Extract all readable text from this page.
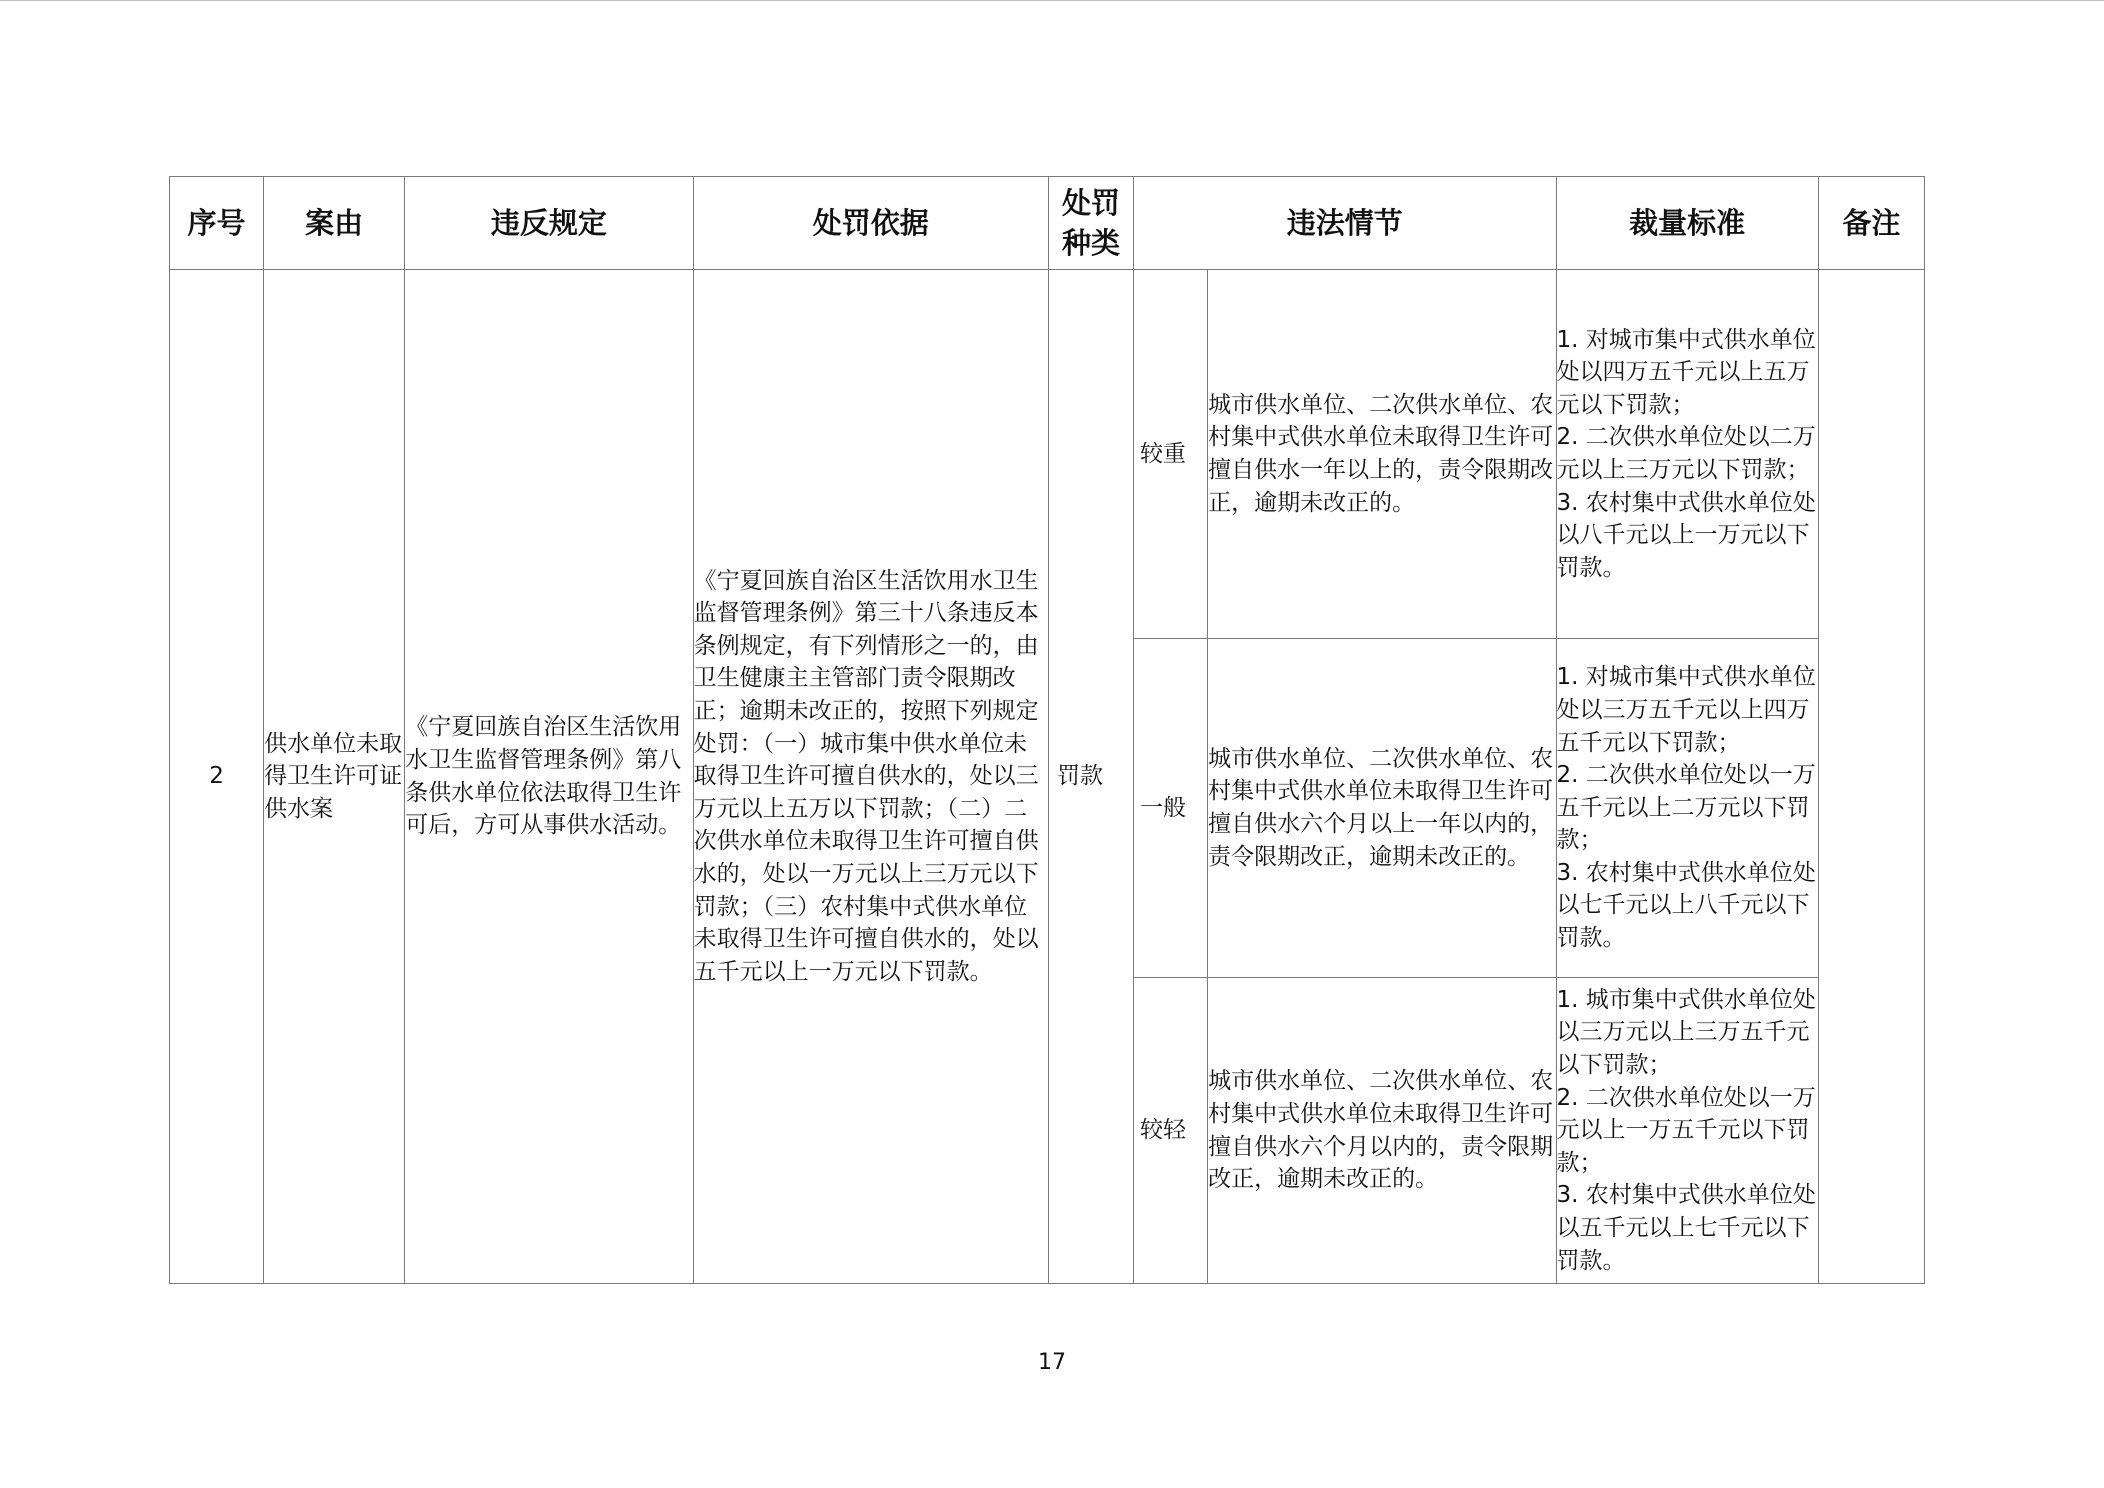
序号	案由	违反规定	处罚依据	处罚种类	违法情节		裁量标准	备注
2	供水单位未取得卫生许可证供水案	《宁夏回族自治区生活饮用水卫生监督管理条例》第八条供水单位依法取得卫生许可后，方可从事供水活动。	《宁夏回族自治区生活饮用水卫生监督管理条例》第三十八条违反本条例规定，有下列情形之一的，由卫生健康主主管部门责令限期改正；逾期未改正的，按照下列规定处罚：（一）城市集中供水单位未取得卫生许可擅自供水的，处以三万元以上五万以下罚款；（二）二次供水单位未取得卫生许可擅自供水的，处以一万元以上三万元以下罚款；（三）农村集中式供水单位未取得卫生许可擅自供水的，处以五千元以上一万元以下罚款。	罚款	较重	城市供水单位、二次供水单位、农村集中式供水单位未取得卫生许可擅自供水一年以上的，责令限期改正，逾期未改正的。	1. 对城市集中式供水单位处以四万五千元以上五万元以下罚款；
2. 二次供水单位处以二万元以上三万元以下罚款；
3. 农村集中式供水单位处以八千元以上一万元以下罚款。	
					一般	城市供水单位、二次供水单位、农村集中式供水单位未取得卫生许可擅自供水六个月以上一年以内的，责令限期改正，逾期未改正的。	1. 对城市集中式供水单位处以三万五千元以上四万五千元以下罚款；
2. 二次供水单位处以一万五千元以上二万元以下罚款；
3. 农村集中式供水单位处以七千元以上八千元以下罚款。	
					较轻	城市供水单位、二次供水单位、农村集中式供水单位未取得卫生许可擅自供水六个月以内的，责令限期改正，逾期未改正的。	1. 城市集中式供水单位处以三万元以上三万五千元以下罚款；
2. 二次供水单位处以一万元以上一万五千元以下罚款；
3. 农村集中式供水单位处以五千元以上七千元以下罚款。	
17
